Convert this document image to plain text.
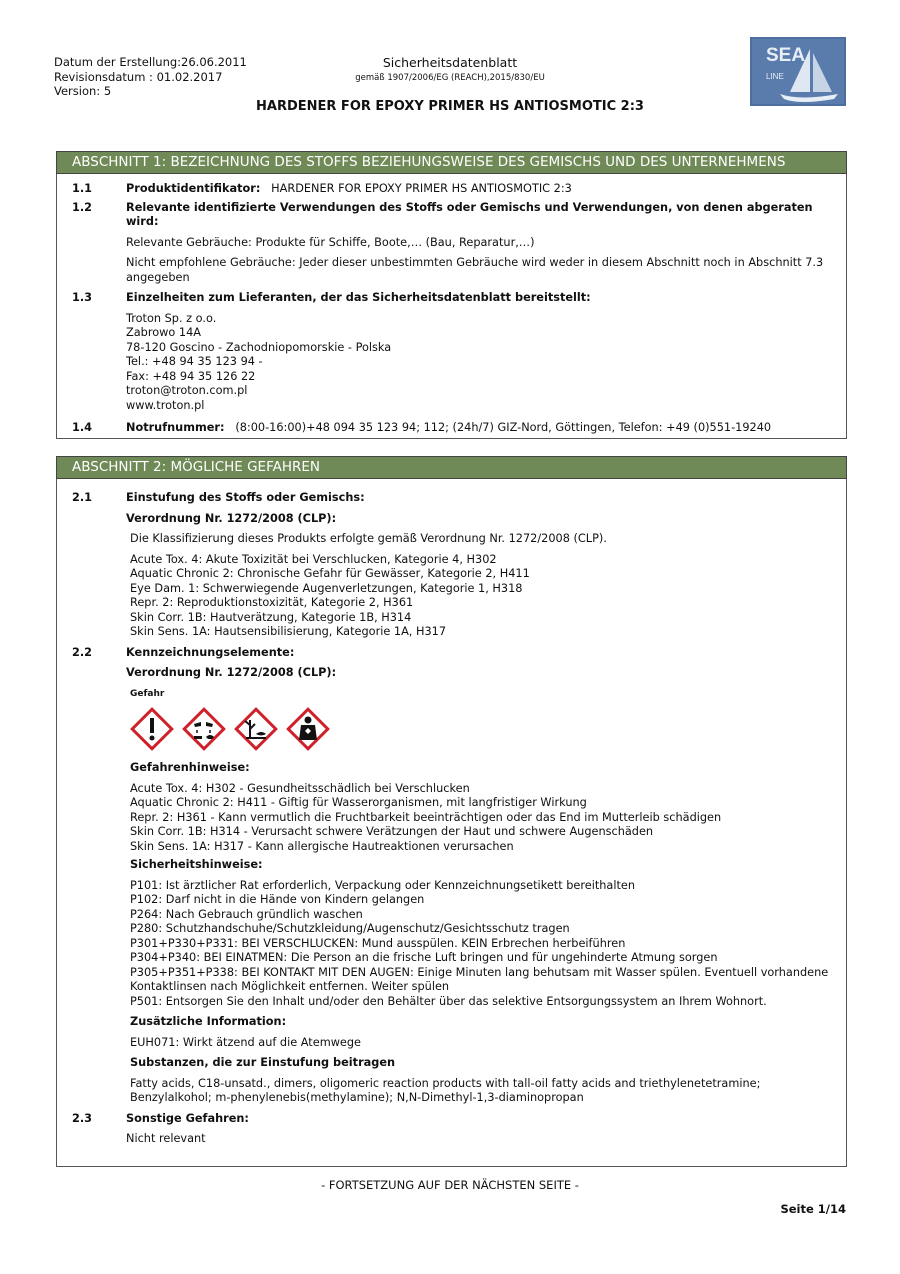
Datum der Erstellung:26.06.2011
Revisionsdatum : 01.02.2017
Version: 5
Sicherheitsdatenblatt
gemäß 1907/2006/EG (REACH),2015/830/EU
HARDENER FOR EPOXY PRIMER HS ANTIOSMOTIC 2:3
SEA
LINE
ABSCHNITT 1: BEZEICHNUNG DES STOFFS BEZIEHUNGSWEISE DES GEMISCHS UND DES UNTERNEHMENS
1.1	Produktidentifikator: HARDENER FOR EPOXY PRIMER HS ANTIOSMOTIC 2:3
1.2	Relevante identifizierte Verwendungen des Stoffs oder Gemischs und Verwendungen, von denen abgeraten wird:

Relevante Gebräuche: Produkte für Schiffe, Boote,… (Bau, Reparatur,…)

Nicht empfohlene Gebräuche: Jeder dieser unbestimmten Gebräuche wird weder in diesem Abschnitt noch in Abschnitt 7.3 angegeben

1.3	Einzelheiten zum Lieferanten, der das Sicherheitsdatenblatt bereitstellt:

Troton Sp. z o.o.
Zabrowo 14A
78-120 Goscino - Zachodniopomorskie - Polska
Tel.: +48 94 35 123 94 -
Fax: +48 94 35 126 22
troton@troton.com.pl
www.troton.pl
1.4	Notrufnummer: (8:00-16:00)+48 094 35 123 94; 112; (24h/7) GIZ-Nord, Göttingen, Telefon: +49 (0)551-19240
ABSCHNITT 2: MÖGLICHE GEFAHREN
2.1	Einstufung des Stoffs oder Gemischs:

Verordnung Nr. 1272/2008 (CLP):

Die Klassifizierung dieses Produkts erfolgte gemäß Verordnung Nr. 1272/2008 (CLP).

Acute Tox. 4: Akute Toxizität bei Verschlucken, Kategorie 4, H302
Aquatic Chronic 2: Chronische Gefahr für Gewässer, Kategorie 2, H411
Eye Dam. 1: Schwerwiegende Augenverletzungen, Kategorie 1, H318
Repr. 2: Reproduktionstoxizität, Kategorie 2, H361
Skin Corr. 1B: Hautverätzung, Kategorie 1B, H314
Skin Sens. 1A: Hautsensibilisierung, Kategorie 1A, H317
2.2	Kennzeichnungselemente:

Verordnung Nr. 1272/2008 (CLP):

Gefahr

Gefahrenhinweise:

Acute Tox. 4: H302 - Gesundheitsschädlich bei Verschlucken
Aquatic Chronic 2: H411 - Giftig für Wasserorganismen, mit langfristiger Wirkung
Repr. 2: H361 - Kann vermutlich die Fruchtbarkeit beeinträchtigen oder das End im Mutterleib schädigen
Skin Corr. 1B: H314 - Verursacht schwere Verätzungen der Haut und schwere Augenschäden
Skin Sens. 1A: H317 - Kann allergische Hautreaktionen verursachen

Sicherheitshinweise:

P101: Ist ärztlicher Rat erforderlich, Verpackung oder Kennzeichnungsetikett bereithalten
P102: Darf nicht in die Hände von Kindern gelangen
P264: Nach Gebrauch gründlich waschen
P280: Schutzhandschuhe/Schutzkleidung/Augenschutz/Gesichtsschutz tragen
P301+P330+P331: BEI VERSCHLUCKEN: Mund ausspülen. KEIN Erbrechen herbeiführen
P304+P340: BEI EINATMEN: Die Person an die frische Luft bringen und für ungehinderte Atmung sorgen
P305+P351+P338: BEI KONTAKT MIT DEN AUGEN: Einige Minuten lang behutsam mit Wasser spülen. Eventuell vorhandene Kontaktlinsen nach Möglichkeit entfernen. Weiter spülen
P501: Entsorgen Sie den Inhalt und/oder den Behälter über das selektive Entsorgungssystem an Ihrem Wohnort.

Zusätzliche Information:

EUH071: Wirkt ätzend auf die Atemwege

Substanzen, die zur Einstufung beitragen

Fatty acids, C18-unsatd., dimers, oligomeric reaction products with tall-oil fatty acids and triethylenetetramine; Benzylalkohol; m-phenylenebis(methylamine); N,N-Dimethyl-1,3-diaminopropan

2.3	Sonstige Gefahren:

Nicht relevant

- FORTSETZUNG AUF DER NÄCHSTEN SEITE -
Seite 1/14
